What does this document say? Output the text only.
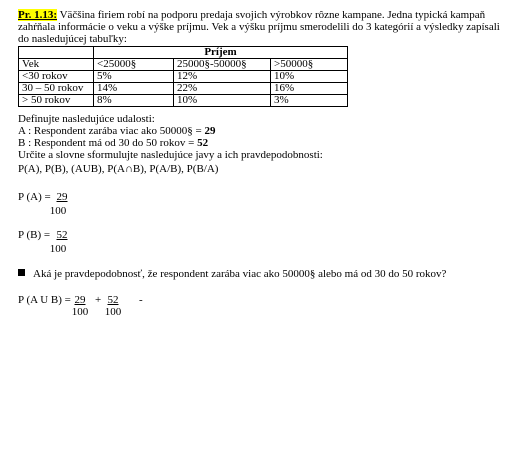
Pr. 1.13: Väčšina firiem robí na podporu predaja svojich výrobkov rôzne kampane. Jedna typická kampaň
zahŕňala informácie o veku a výške príjmu. Vek a výšku príjmu smerodelili do 3 kategórií a výsledky zapísali
do nasledujúcej tabuľky:
	Príjem		
Vek	<25000§	25000§-50000§	>50000§
<30 rokov	5%	12%	10%
30 – 50 rokov	14%	22%	16%
> 50 rokov	8%	10%	3%
Definujte nasledujúce udalosti:
A : Respondent zarába viac ako 50000§ = 29
B : Respondent má od 30 do 50 rokov = 52
Určite a slovne sformulujte nasledujúce javy a ich pravdepodobnosti:
P(A), P(B), (AUB), P(A∩B), P(A/B), P(B/A)
P (A) = 29
100
P (B) = 52
100
Aká je pravdepodobnosť, že respondent zarába viac ako 50000§ alebo má od 30 do 50 rokov?
P (A U B) =
$\frac{29}{100} + \frac{52}{100}$ -
